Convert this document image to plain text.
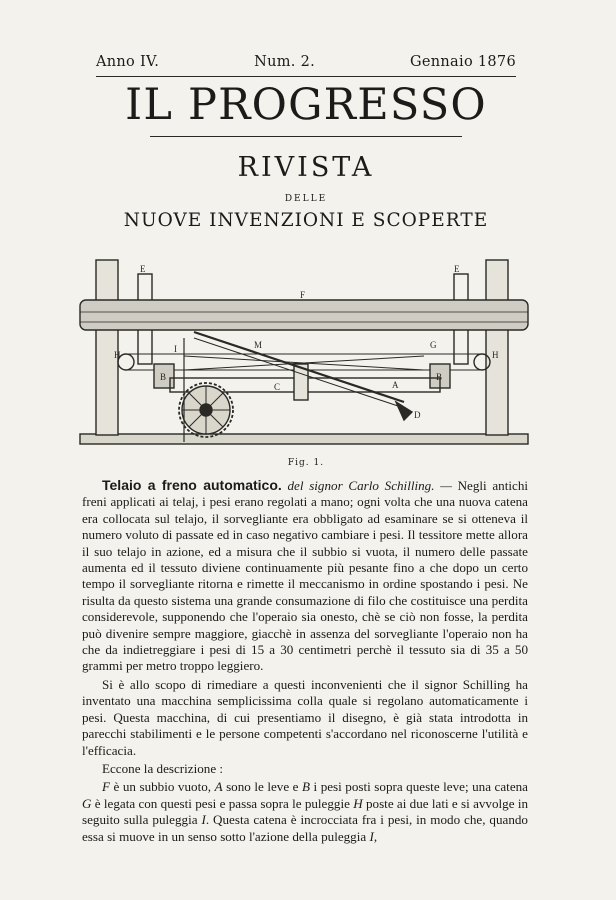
Anno IV.	Num. 2.	Gennaio 1876
IL PROGRESSO
RIVISTA
DELLE
NUOVE INVENZIONI E SCOPERTE
E	E
F
H	H
B	B
C	A
G
M
I
D
Fig. 1.

Telaio a freno automatico. del signor Carlo Schilling. — Negli antichi freni applicati ai telaj, i pesi erano regolati a mano; ogni volta che una nuova catena era collocata sul telajo, il sorvegliante era obbligato ad esaminare se si otteneva il numero voluto di passate ed in caso negativo cambiare i pesi. Il tessitore mette allora il suo telajo in azione, ed a misura che il subbio si vuota, il numero delle passate aumenta ed il tessuto diviene continuamente più pesante fino a che dopo un certo tempo il sorvegliante ritorna e rimette il meccanismo in ordine spostando i pesi. Ne risulta da questo sistema una grande consumazione di filo che costituisce una perdita considerevole, supponendo che l'operaio sia onesto, chè se ciò non fosse, la perdita può divenire sempre maggiore, giacchè in assenza del sorvegliante l'operaio non ha che da indietreggiare i pesi di 15 a 30 centimetri perchè il tessuto sia di 35 a 50 grammi per metro troppo leggiero.

Si è allo scopo di rimediare a questi inconvenienti che il signor Schilling ha inventato una macchina semplicissima colla quale si regolano automaticamente i pesi. Questa macchina, di cui presentiamo il disegno, è già stata introdotta in parecchi stabilimenti e le persone competenti s'accordano nel riconoscerne l'utilità e l'efficacia.

Eccone la descrizione :

F è un subbio vuoto, A sono le leve e B i pesi posti sopra queste leve; una catena G è legata con questi pesi e passa sopra le puleggie H poste ai due lati e si avvolge in seguito sulla puleggia I. Questa catena è incrocciata fra i pesi, in modo che, quando essa si muove in un senso sotto l'azione della puleggia I,
